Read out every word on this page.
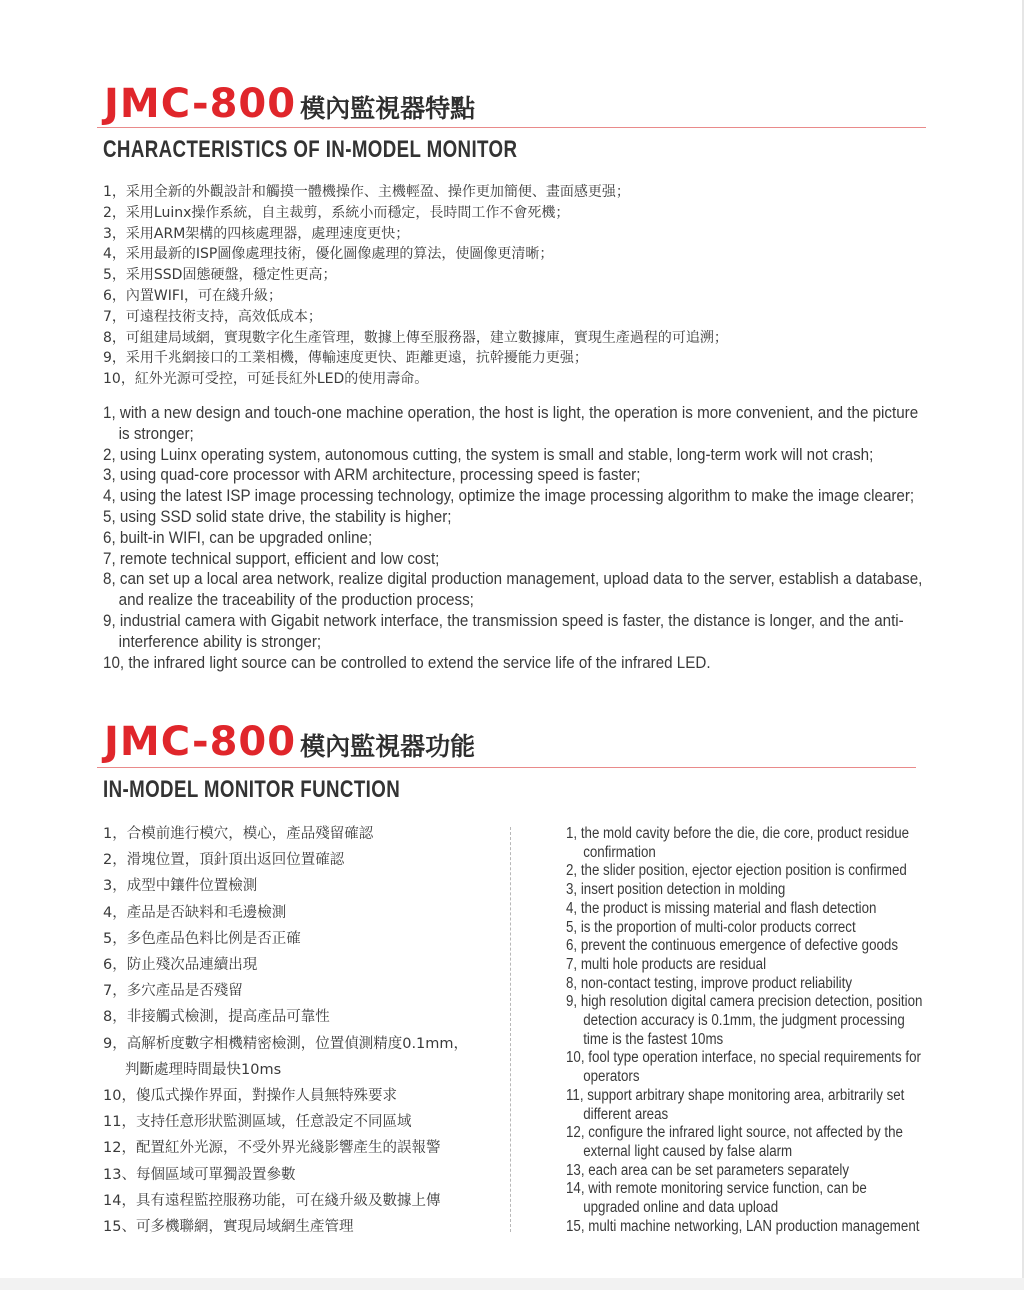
JMC-800 模內監視器特點
CHARACTERISTICS OF IN-MODEL MONITOR
1，采用全新的外觀設計和觸摸一體機操作、主機輕盈、操作更加簡便、畫面感更强；
2，采用Luinx操作系統，自主裁剪，系統小而穩定，長時間工作不會死機；
3，采用ARM架構的四核處理器，處理速度更快；
4，采用最新的ISP圖像處理技術，優化圖像處理的算法，使圖像更清晰；
5，采用SSD固態硬盤，穩定性更高；
6，內置WIFI，可在綫升級；
7，可遠程技術支持，高效低成本；
8，可組建局域網，實現數字化生產管理，數據上傳至服務器，建立數據庫，實現生產過程的可追溯；
9，采用千兆網接口的工業相機，傳輸速度更快、距離更遠，抗幹擾能力更强；
10，紅外光源可受控，可延長紅外LED的使用壽命。
1, with a new design and touch-one machine operation, the host is light, the operation is more convenient, and the picture is stronger;
2, using Luinx operating system, autonomous cutting, the system is small and stable, long-term work will not crash;
3, using quad-core processor with ARM architecture, processing speed is faster;
4, using the latest ISP image processing technology, optimize the image processing algorithm to make the image clearer;
5, using SSD solid state drive, the stability is higher;
6, built-in WIFI, can be upgraded online;
7, remote technical support, efficient and low cost;
8, can set up a local area network, realize digital production management, upload data to the server, establish a database, and realize the traceability of the production process;
9, industrial camera with Gigabit network interface, the transmission speed is faster, the distance is longer, and the anti-interference ability is stronger;
10, the infrared light source can be controlled to extend the service life of the infrared LED.
JMC-800 模內監視器功能
IN-MODEL MONITOR FUNCTION
1，合模前進行模穴，模心，產品殘留確認
2，滑塊位置，頂針頂出返回位置確認
3，成型中鑲件位置檢測
4，產品是否缺料和毛邊檢測
5，多色產品色料比例是否正確
6，防止殘次品連續出現
7，多穴產品是否殘留
8，非接觸式檢測，提高產品可靠性
9，高解析度數字相機精密檢測，位置偵測精度0.1mm，
判斷處理時間最快10ms
10，傻瓜式操作界面，對操作人員無特殊要求
11，支持任意形狀監測區域，任意設定不同區域
12，配置紅外光源，不受外界光綫影響產生的誤報警
13、每個區域可單獨設置參數
14，具有遠程監控服務功能，可在綫升級及數據上傳
15、可多機聯網，實現局域網生產管理
1, the mold cavity before the die, die core, product residue confirmation
2, the slider position, ejector ejection position is confirmed
3, insert position detection in molding
4, the product is missing material and flash detection
5, is the proportion of multi-color products correct
6, prevent the continuous emergence of defective goods
7, multi hole products are residual
8, non-contact testing, improve product reliability
9, high resolution digital camera precision detection, position detection accuracy is 0.1mm, the judgment processing time is the fastest 10ms
10, fool type operation interface, no special requirements for operators
11, support arbitrary shape monitoring area, arbitrarily set different areas
12, configure the infrared light source, not affected by the external light caused by false alarm
13, each area can be set parameters separately
14, with remote monitoring service function, can be upgraded online and data upload
15, multi machine networking, LAN production management
